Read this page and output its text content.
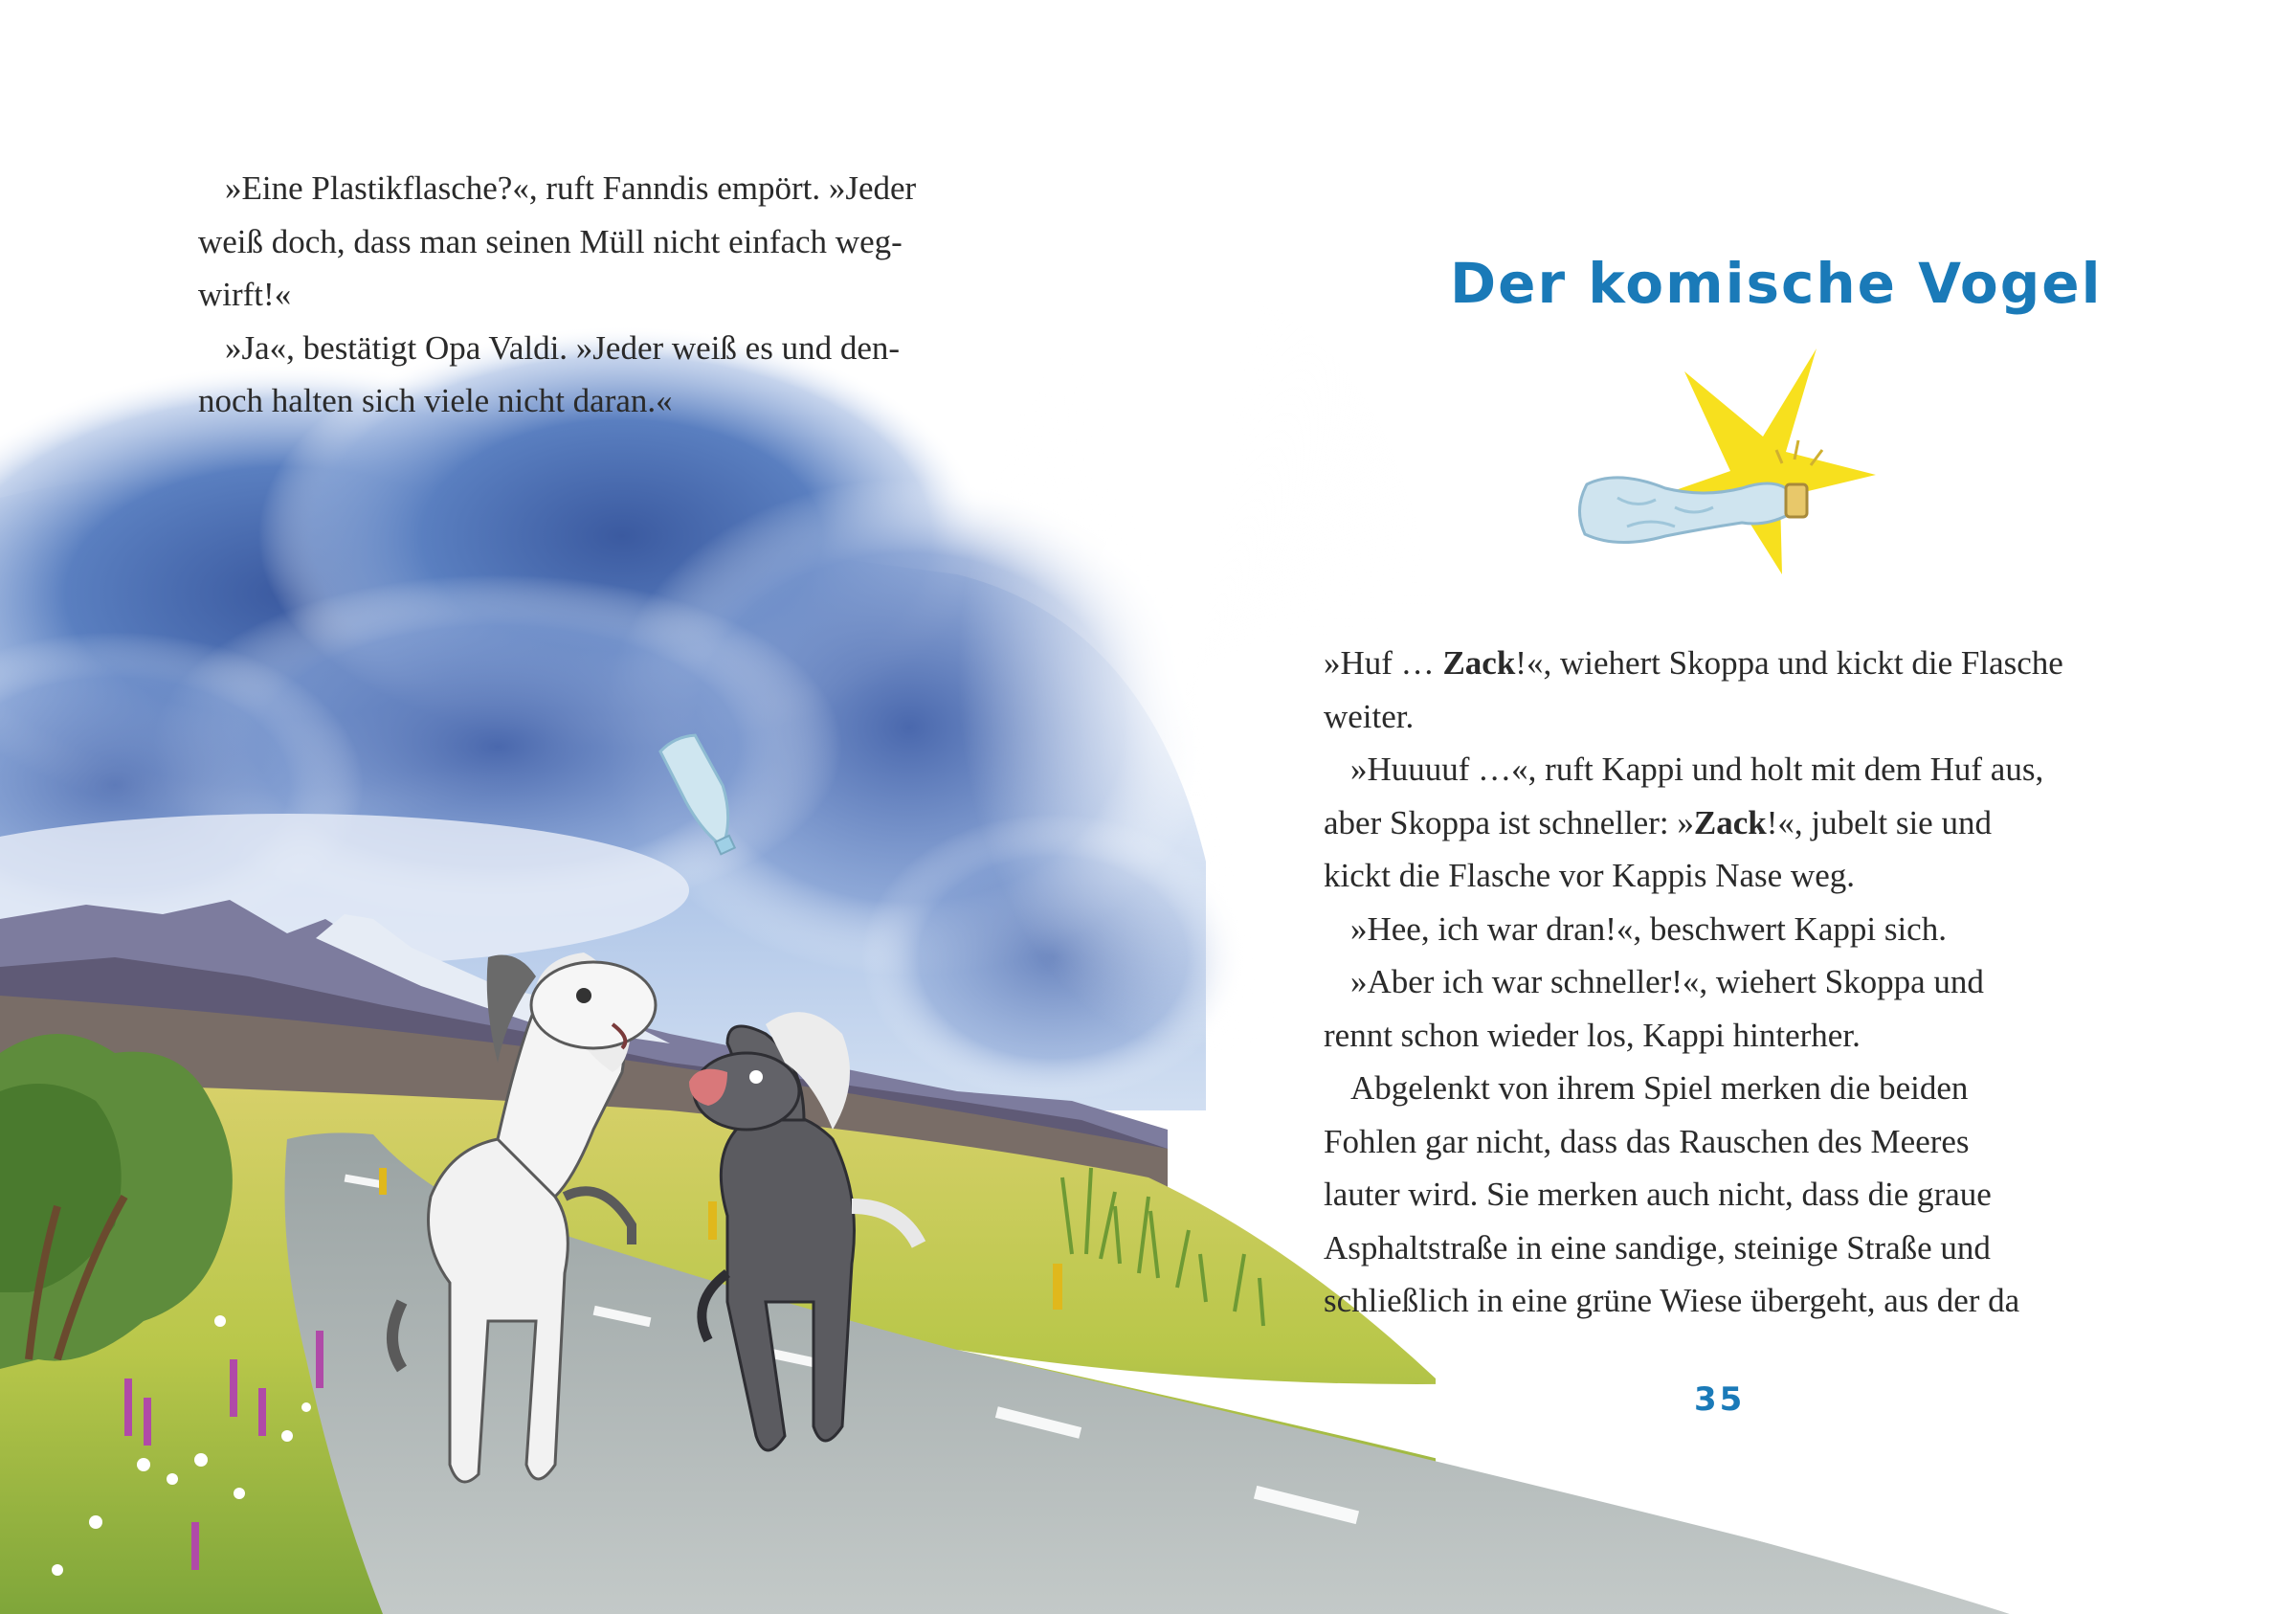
»Eine Plastikflasche?«, ruft Fanndis empört. »Jeder

weiß doch, dass man seinen Müll nicht einfach weg-

wirft!«

»Ja«, bestätigt Opa Valdi. »Jeder weiß es und den-

noch halten sich viele nicht daran.«

Der komische Vogel

»Huf … Zack!«, wiehert Skoppa und kickt die Flasche

weiter.

»Huuuuf …«, ruft Kappi und holt mit dem Huf aus,

aber Skoppa ist schneller: »Zack!«, jubelt sie und

kickt die Flasche vor Kappis Nase weg.

»Hee, ich war dran!«, beschwert Kappi sich.

»Aber ich war schneller!«, wiehert Skoppa und

rennt schon wieder los, Kappi hinterher.

Abgelenkt von ihrem Spiel merken die beiden

Fohlen gar nicht, dass das Rauschen des Meeres

lauter wird. Sie merken auch nicht, dass die graue

Asphaltstraße in eine sandige, steinige Straße und

schließlich in eine grüne Wiese übergeht, aus der da

35
